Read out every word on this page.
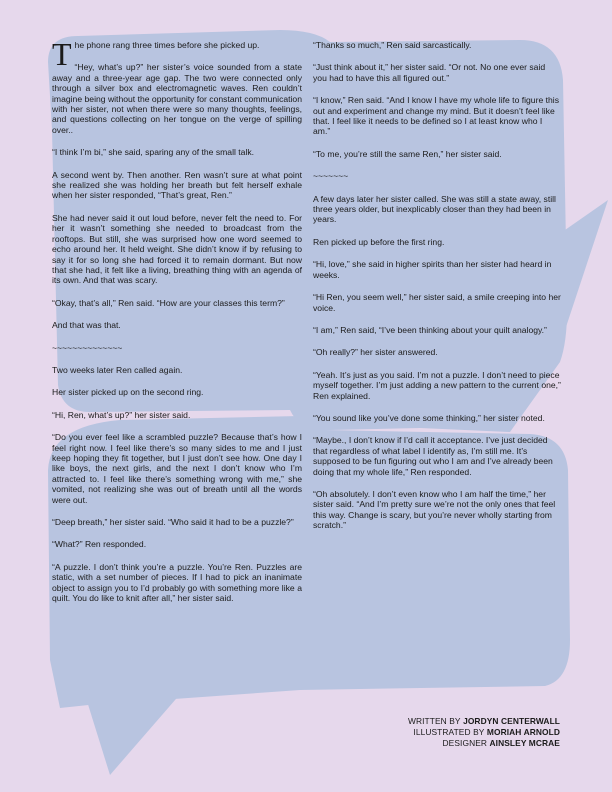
The phone rang three times before she picked up.

“Hey, what’s up?” her sister’s voice sounded from a state away and a three-year age gap. The two were connected only through a silver box and electromagnetic waves. Ren couldn’t imagine being without the opportunity for constant communication with her sister, not when there were so many thoughts, feelings, and questions collecting on her tongue on the verge of spilling over..

“I think I’m bi,” she said, sparing any of the small talk.

A second went by. Then another. Ren wasn’t sure at what point she realized she was holding her breath but felt herself exhale when her sister responded, “That’s great, Ren.”

She had never said it out loud before, never felt the need to. For her it wasn’t something she needed to broadcast from the rooftops. But still, she was surprised how one word seemed to echo around her. It held weight. She didn’t know if by refusing to say it for so long she had forced it to remain dormant. But now that she had, it felt like a living, breathing thing with an agenda of its own. And that was scary.

“Okay, that’s all,” Ren said. “How are your classes this term?”

And that was that.

~~~~~~~~~~~~~~

Two weeks later Ren called again.

Her sister picked up on the second ring.

“Hi, Ren, what’s up?” her sister said.

“Do you ever feel like a scrambled puzzle? Because that’s how I feel right now. I feel like there’s so many sides to me and I just keep hoping they fit together, but I just don’t see how. One day I like boys, the next girls, and the next I don’t know who I’m attracted to. I feel like there’s something wrong with me,” she vomited, not realizing she was out of breath until all the words were out.

“Deep breath,” her sister said. “Who said it had to be a puzzle?”

“What?” Ren responded.

“A puzzle. I don’t think you’re a puzzle. You’re Ren. Puzzles are static, with a set number of pieces. If I had to pick an inanimate object to assign you to I’d probably go with something more like a quilt. You do like to knit after all,” her sister said.

“Thanks so much,” Ren said sarcastically.

“Just think about it,” her sister said. “Or not. No one ever said you had to have this all figured out.”

“I know,” Ren said. “And I know I have my whole life to figure this out and experiment and change my mind. But it doesn’t feel like that. I feel like it needs to be defined so I at least know who I am.”

“To me, you’re still the same Ren,” her sister said.

~~~~~~~

A few days later her sister called. She was still a state away, still three years older, but inexplicably closer than they had been in years.

Ren picked up before the first ring.

“Hi, love,” she said in higher spirits than her sister had heard in weeks.

“Hi Ren, you seem well,” her sister said, a smile creeping into her voice.

“I am,” Ren said, “I’ve been thinking about your quilt analogy.”

“Oh really?” her sister answered.

“Yeah. It’s just as you said. I’m not a puzzle. I don’t need to piece myself together. I’m just adding a new pattern to the current one,” Ren explained.

“You sound like you’ve done some thinking,” her sister noted.

“Maybe., I don’t know if I’d call it acceptance. I’ve just decided that regardless of what label I identify as, I’m still me. It’s supposed to be fun figuring out who I am and I’ve already been doing that my whole life,” Ren responded.

“Oh absolutely. I don’t even know who I am half the time,” her sister said. “And I’m pretty sure we’re not the only ones that feel this way. Change is scary, but you’re never wholly starting from scratch.”

WRITTEN BY JORDYN CENTERWALL
ILLUSTRATED BY MORIAH ARNOLD
DESIGNER AINSLEY MCRAE
